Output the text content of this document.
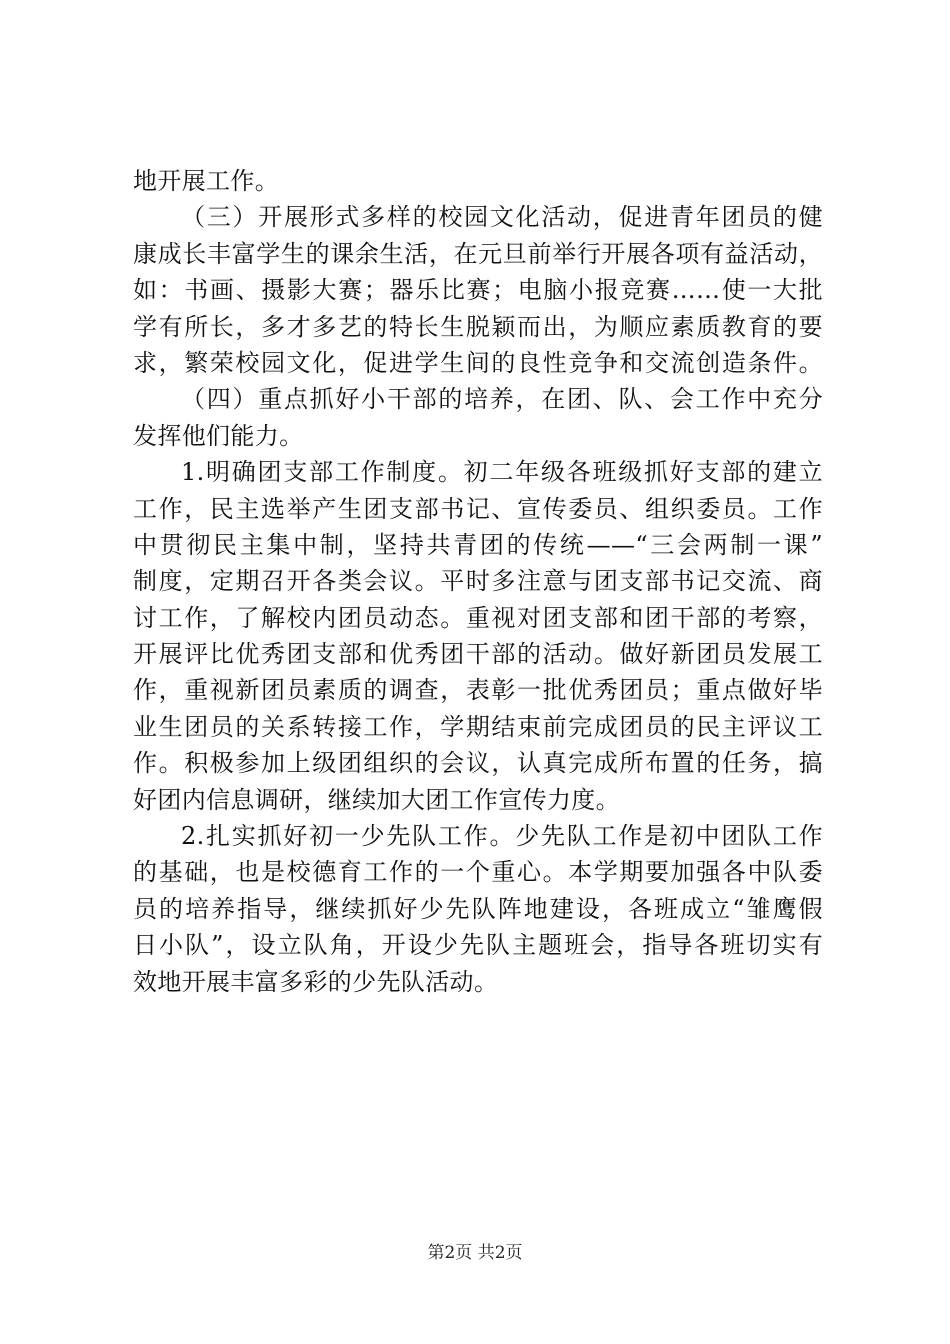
地开展工作。
（三）开展形式多样的校园文化活动，促进青年团员的健
康成长丰富学生的课余生活，在元旦前举行开展各项有益活动，
如：书画、摄影大赛；器乐比赛；电脑小报竞赛……使一大批
学有所长，多才多艺的特长生脱颖而出，为顺应素质教育的要
求，繁荣校园文化，促进学生间的良性竞争和交流创造条件。
（四）重点抓好小干部的培养，在团、队、会工作中充分
发挥他们能力。
1.明确团支部工作制度。初二年级各班级抓好支部的建立
工作，民主选举产生团支部书记、宣传委员、组织委员。工作
中贯彻民主集中制，坚持共青团的传统——“三会两制一课”
制度，定期召开各类会议。平时多注意与团支部书记交流、商
讨工作，了解校内团员动态。重视对团支部和团干部的考察，
开展评比优秀团支部和优秀团干部的活动。做好新团员发展工
作，重视新团员素质的调查，表彰一批优秀团员；重点做好毕
业生团员的关系转接工作，学期结束前完成团员的民主评议工
作。积极参加上级团组织的会议，认真完成所布置的任务，搞
好团内信息调研，继续加大团工作宣传力度。
2.扎实抓好初一少先队工作。少先队工作是初中团队工作
的基础，也是校德育工作的一个重心。本学期要加强各中队委
员的培养指导，继续抓好少先队阵地建设，各班成立“雏鹰假
日小队”，设立队角，开设少先队主题班会，指导各班切实有
效地开展丰富多彩的少先队活动。
第2页 共2页
